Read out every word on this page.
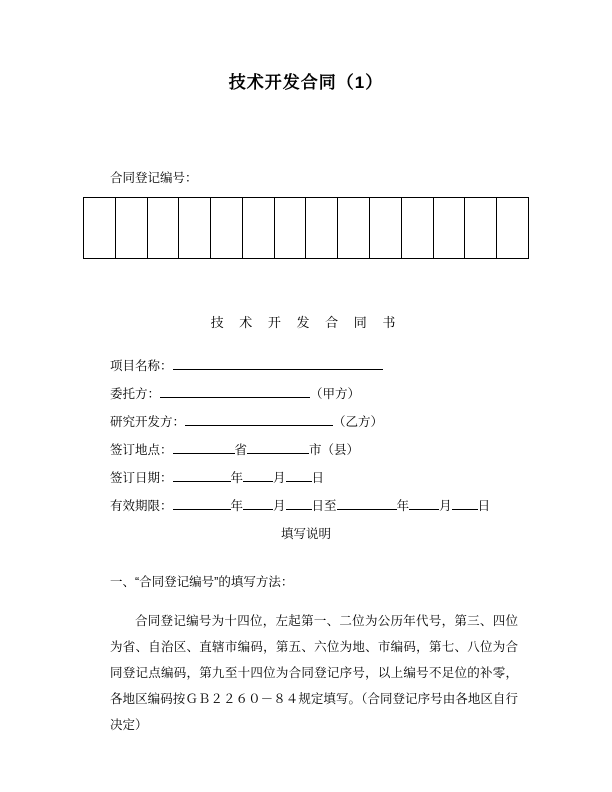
技术开发合同（1）
合同登记编号：
技 术 开 发 合 同 书
项目名称：
委托方：	（甲方）
研究开发方：	（乙方）
签订地点：	省	市（县）
签订日期：	年 月 日
有效期限：	年 月 日至	年 月 日
填写说明
一、“合同登记编号”的填写方法：
合同登记编号为十四位，左起第一、二位为公历年代号，第三、四位为省、自治区、直辖市编码，第五、六位为地、市编码，第七、八位为合同登记点编码，第九至十四位为合同登记序号，以上编号不足位的补零，各地区编码按ＧＢ２２６０－８４规定填写。（合同登记序号由各地区自行决定）
